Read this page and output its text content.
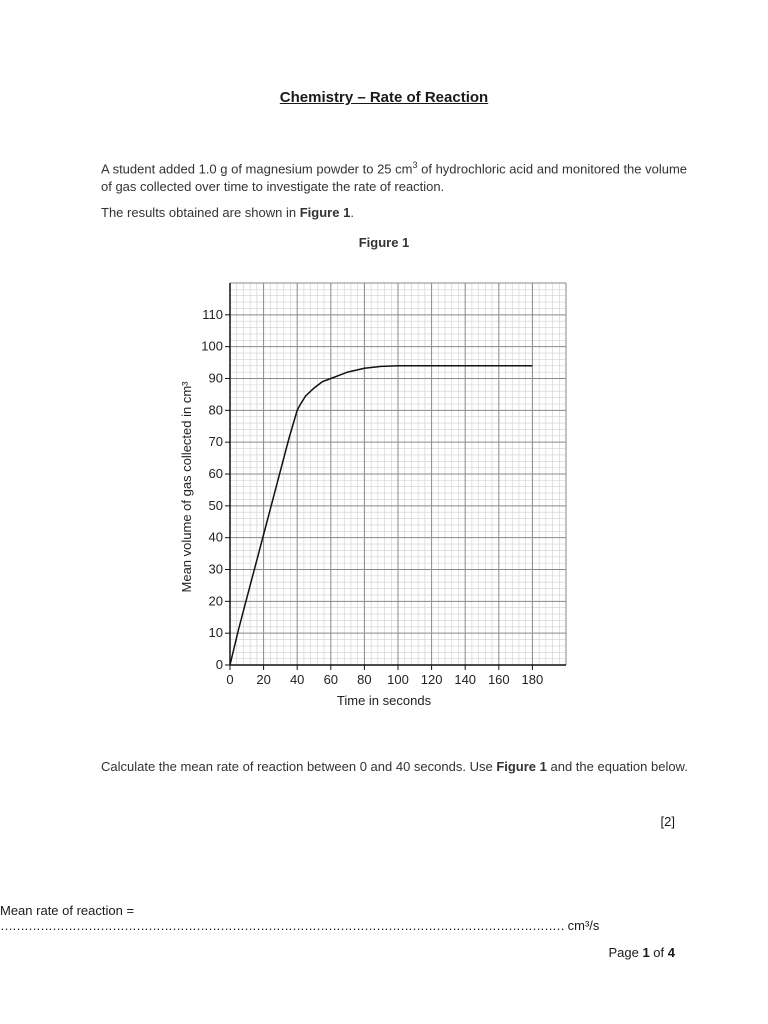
Chemistry – Rate of Reaction
A student added 1.0 g of magnesium powder to 25 $cm^3$ of hydrochloric acid and monitored the volume of gas collected over time to investigate the rate of reaction.
The results obtained are shown in Figure 1.
Figure 1
0 20 40 60 80 100 120 140 160 180
0
10
20
30
40
50
60
70
80
90
100
110
Time in seconds
Mean volume of gas collected in cm³
Calculate the mean rate of reaction between 0 and 40 seconds. Use Figure 1 and the equation below.
[2]
Mean rate of reaction = …………………………………………………………………………………………………………………………… cm³/s
Page 1 of 4
